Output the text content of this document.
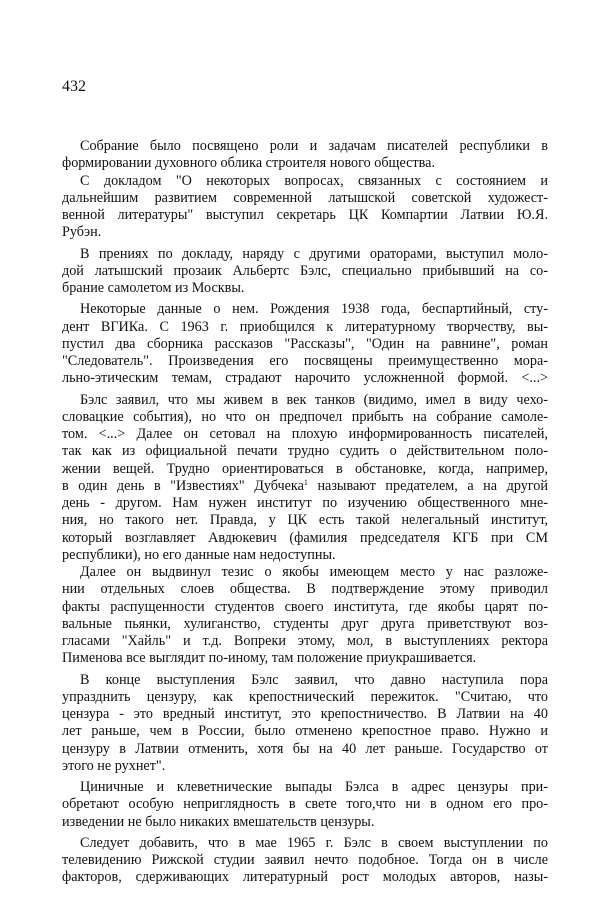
432
Собрание было посвящено роли и задачам писателей республики в
формировании духовного облика строителя нового общества.
С докладом "О некоторых вопросах, связанных с состоянием и
дальнейшим развитием современной латышской советской художест-
венной литературы" выступил секретарь ЦК Компартии Латвии Ю.Я.
Рубэн.
В прениях по докладу, наряду с другими ораторами, выступил моло-
дой латышский прозаик Альбертс Бэлс, специально прибывший на со-
брание самолетом из Москвы.
Некоторые данные о нем. Рождения 1938 года, беспартийный, сту-
дент ВГИКа. С 1963 г. приобщился к литературному творчеству, вы-
пустил два сборника рассказов "Рассказы", "Один на равнине", роман
"Следователь". Произведения его посвящены преимущественно мора-
льно-этическим темам, страдают нарочито усложненной формой. <...>
Бэлс заявил, что мы живем в век танков (видимо, имел в виду чехо-
словацкие события), но что он предпочел прибыть на собрание самоле-
том. <...> Далее он сетовал на плохую информированность писателей,
так как из официальной печати трудно судить о действительном поло-
жении вещей. Трудно ориентироваться в обстановке, когда, например,
в один день в "Известиях" Дубчека$^1$ называют предателем, а на другой
день - другом. Нам нужен институт по изучению общественного мне-
ния, но такого нет. Правда, у ЦК есть такой нелегальный институт,
который возглавляет Авдюкевич (фамилия председателя КГБ при СМ
республики), но его данные нам недоступны.
Далее он выдвинул тезис о якобы имеющем место у нас разложе-
нии отдельных слоев общества. В подтверждение этому приводил
факты распущенности студентов своего института, где якобы царят по-
вальные пьянки, хулиганство, студенты друг друга приветствуют воз-
гласами "Хайль" и т.д. Вопреки этому, мол, в выступлениях ректора
Пименова все выглядит по-иному, там положение приукрашивается.
В конце выступления Бэлс заявил, что давно наступила пора
упразднить цензуру, как крепостнический пережиток. "Считаю, что
цензура - это вредный институт, это крепостничество. В Латвии на 40
лет раньше, чем в России, было отменено крепостное право. Нужно и
цензуру в Латвии отменить, хотя бы на 40 лет раньше. Государство от
этого не рухнет".
Циничные и клеветнические выпады Бэлса в адрес цензуры при-
обретают особую неприглядность в свете того,что ни в одном его про-
изведении не было никаких вмешательств цензуры.
Следует добавить, что в мае 1965 г. Бэлс в своем выступлении по
телевидению Рижской студии заявил нечто подобное. Тогда он в числе
факторов, сдерживающих литературный рост молодых авторов, назы-
